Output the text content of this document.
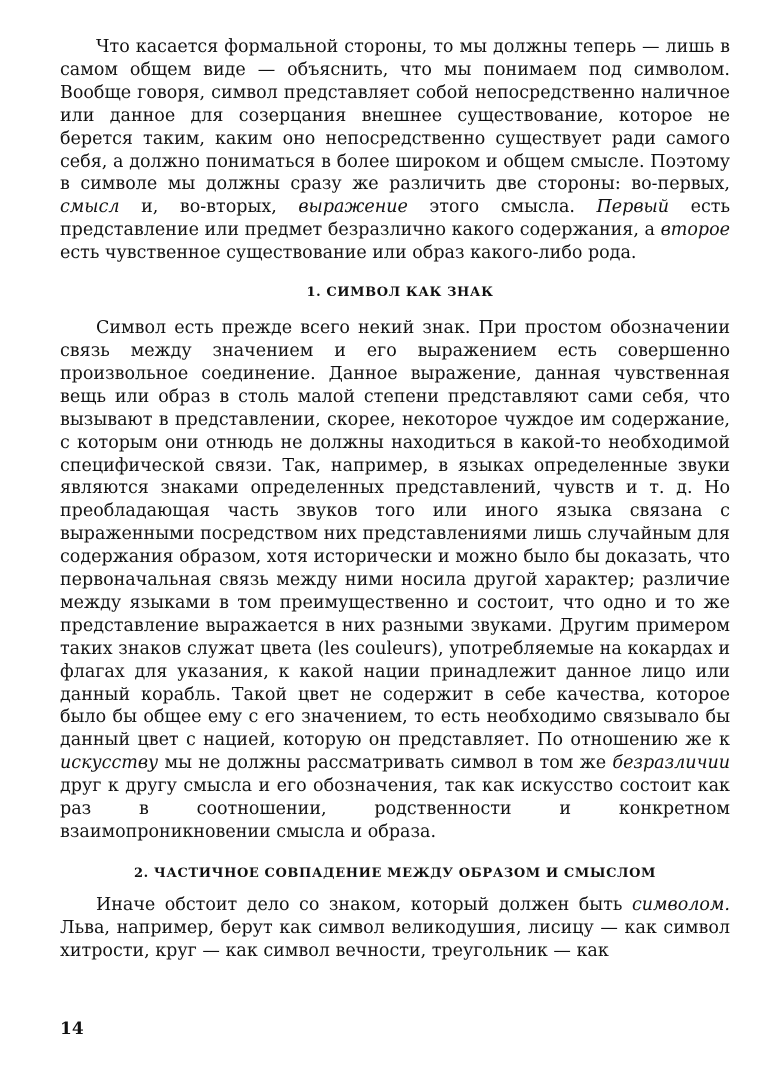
Что касается формальной стороны, то мы должны теперь — лишь в самом общем виде — объяснить, что мы понимаем под символом. Вообще говоря, символ представляет собой непосредственно наличное или данное для созерцания внешнее существование, которое не берется таким, каким оно непосредственно существует ради самого себя, а должно пониматься в более широком и общем смысле. Поэтому в символе мы должны сразу же различить две стороны: во-первых, смысл и, во-вторых, выражение этого смысла. Первый есть представление или предмет безразлично какого содержания, а второе есть чувственное существование или образ какого-либо рода.

1. СИМВОЛ КАК ЗНАК

Символ есть прежде всего некий знак. При простом обозначении связь между значением и его выражением есть совершенно произвольное соединение. Данное выражение, данная чувственная вещь или образ в столь малой степени представляют сами себя, что вызывают в представлении, скорее, некоторое чуждое им содержание, с которым они отнюдь не должны находиться в какой-то необходимой специфической связи. Так, например, в языках определенные звуки являются знаками определенных представлений, чувств и т. д. Но преобладающая часть звуков того или иного языка связана с выраженными посредством них представлениями лишь случайным для содержания образом, хотя исторически и можно было бы доказать, что первоначальная связь между ними носила другой характер; различие между языками в том преимущественно и состоит, что одно и то же представление выражается в них разными звуками. Другим примером таких знаков служат цвета (les couleurs), употребляемые на кокардах и флагах для указания, к какой нации принадлежит данное лицо или данный корабль. Такой цвет не содержит в себе качества, которое было бы общее ему с его значением, то есть необходимо связывало бы данный цвет с нацией, которую он представляет. По отношению же к искусству мы не должны рассматривать символ в том же безразличии друг к другу смысла и его обозначения, так как искусство состоит как раз в соотношении, родственности и конкретном взаимопроникновении смысла и образа.

2. ЧАСТИЧНОЕ СОВПАДЕНИЕ МЕЖДУ ОБРАЗОМ И СМЫСЛОМ

Иначе обстоит дело со знаком, который должен быть символом. Льва, например, берут как символ великодушия, лисицу — как символ хитрости, круг — как символ вечности, треугольник — как

14
